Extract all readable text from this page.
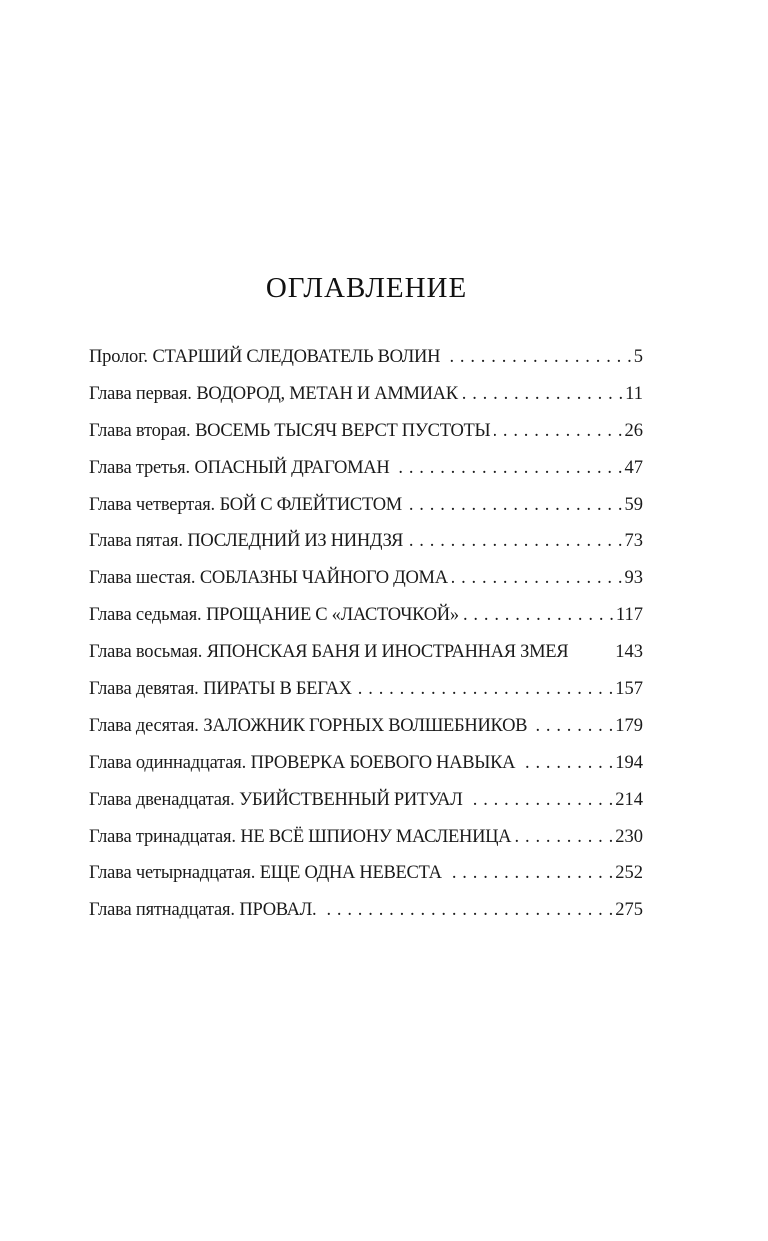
ОГЛАВЛЕНИЕ
Пролог. СТАРШИЙ СЛЕДОВАТЕЛЬ ВОЛИН . . .	5
Глава первая. ВОДОРОД, МЕТАН И АММИАК . . .	11
Глава вторая. ВОСЕМЬ ТЫСЯЧ ВЕРСТ ПУСТОТЫ . . .	26
Глава третья. ОПАСНЫЙ ДРАГОМАН . . .	47
Глава четвертая. БОЙ С ФЛЕЙТИСТОМ . . .	59
Глава пятая. ПОСЛЕДНИЙ ИЗ НИНДЗЯ . . .	73
Глава шестая. СОБЛАЗНЫ ЧАЙНОГО ДОМА . . .	93
Глава седьмая. ПРОЩАНИЕ С «ЛАСТОЧКОЙ» . . .	117
Глава восьмая. ЯПОНСКАЯ БАНЯ И ИНОСТРАННАЯ ЗМЕЯ	143
Глава девятая. ПИРАТЫ В БЕГАХ . . .	157
Глава десятая. ЗАЛОЖНИК ГОРНЫХ ВОЛШЕБНИКОВ . . .	179
Глава одиннадцатая. ПРОВЕРКА БОЕВОГО НАВЫКА . . .	194
Глава двенадцатая. УБИЙСТВЕННЫЙ РИТУАЛ . . .	214
Глава тринадцатая. НЕ ВСЁ ШПИОНУ МАСЛЕНИЦА . . .	230
Глава четырнадцатая. ЕЩЕ ОДНА НЕВЕСТА . . .	252
Глава пятнадцатая. ПРОВАЛ. . . .	275
